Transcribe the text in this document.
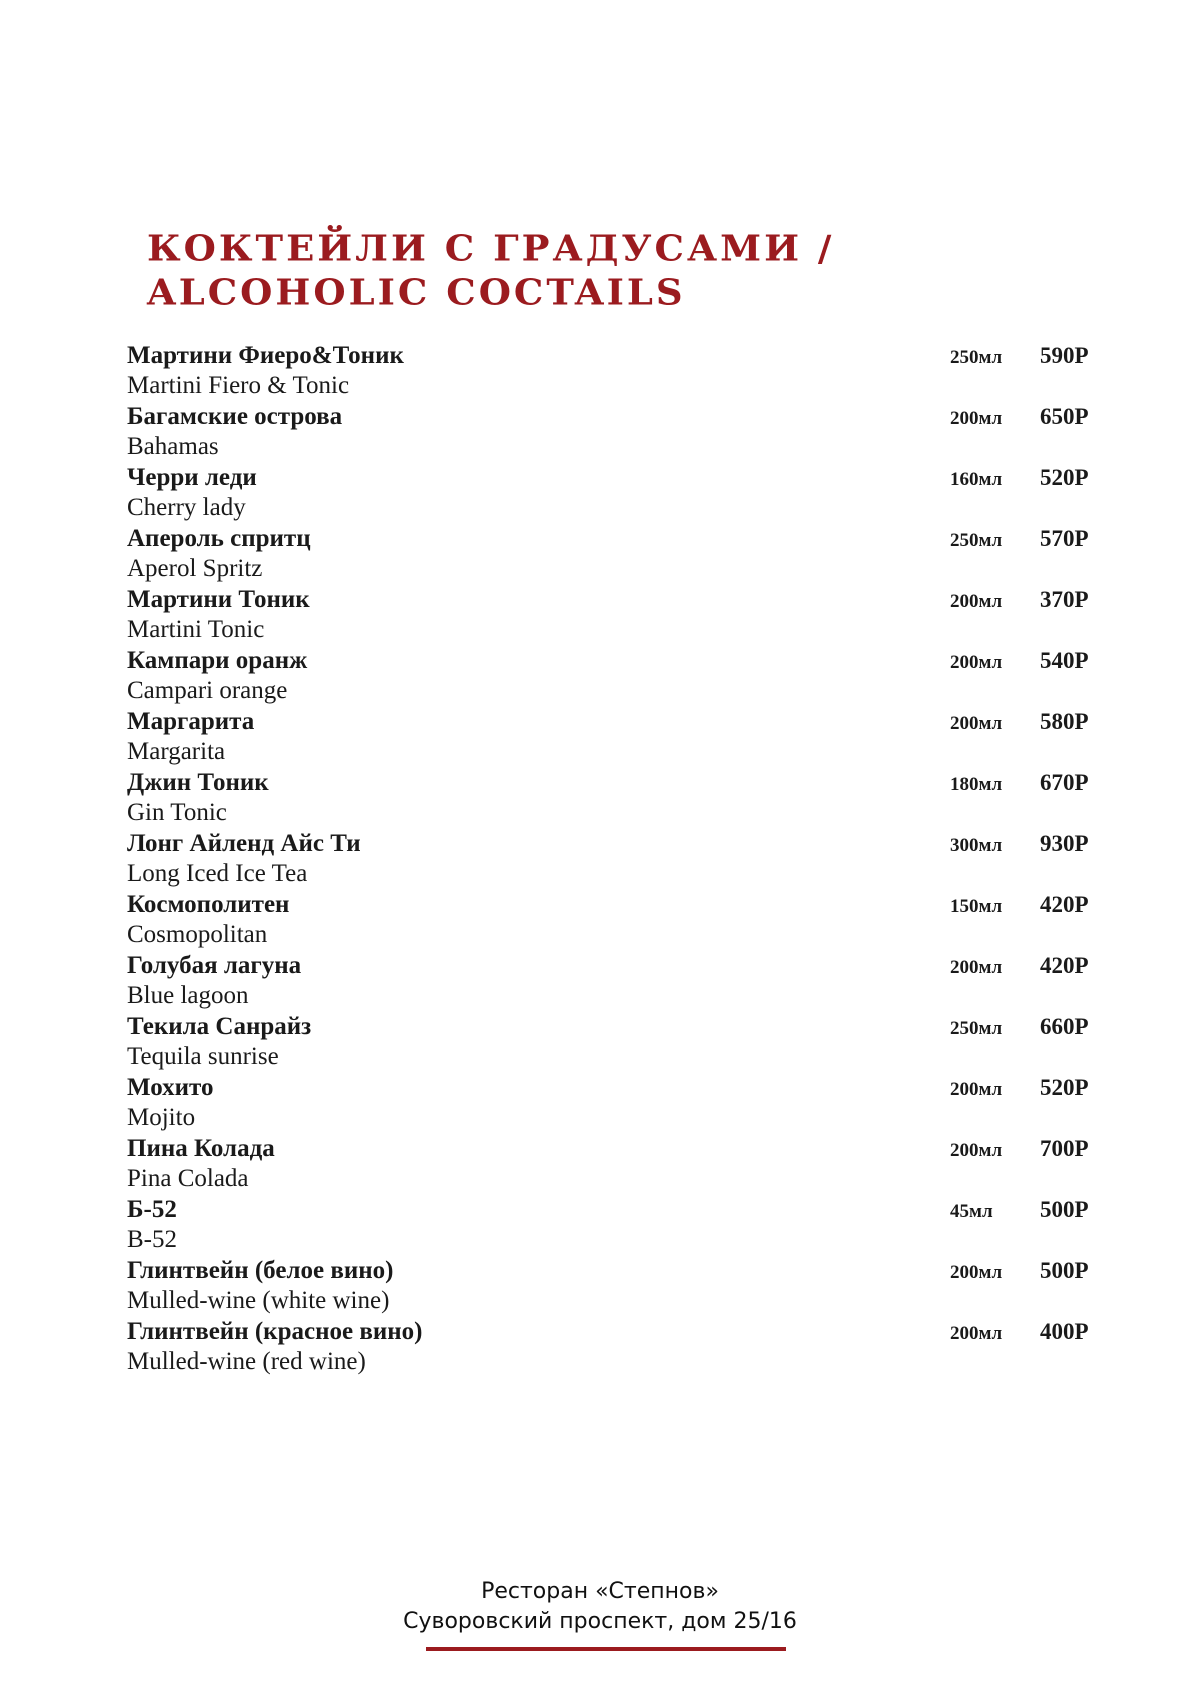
КОКТЕЙЛИ С ГРАДУСАМИ /
ALCOHOLIC COCTAILS
Мартини Фиеро&Тоник
Martini Fiero & Tonic
250мл 590Р
Багамские острова
Bahamas
200мл 650Р
Черри леди
Cherry lady
160мл 520Р
Апероль спритц
Aperol Spritz
250мл 570Р
Мартини Тоник
Martini Tonic
200мл 370Р
Кампари оранж
Campari orange
200мл 540Р
Маргарита
Margarita
200мл 580Р
Джин Тоник
Gin Tonic
180мл 670Р
Лонг Айленд Айс Ти
Long Iced Ice Tea
300мл 930Р
Космополитен
Cosmopolitan
150мл 420Р
Голубая лагуна
Blue lagoon
200мл 420Р
Текила Санрайз
Tequila sunrise
250мл 660Р
Мохито
Mojito
200мл 520Р
Пина Колада
Pina Colada
200мл 700Р
Б-52
B-52
45мл 500Р
Глинтвейн (белое вино)
Mulled-wine (white wine)
200мл 500Р
Глинтвейн (красное вино)
Mulled-wine (red wine)
200мл 400Р
Ресторан «Степнов»
Суворовский проспект, дом 25/16
